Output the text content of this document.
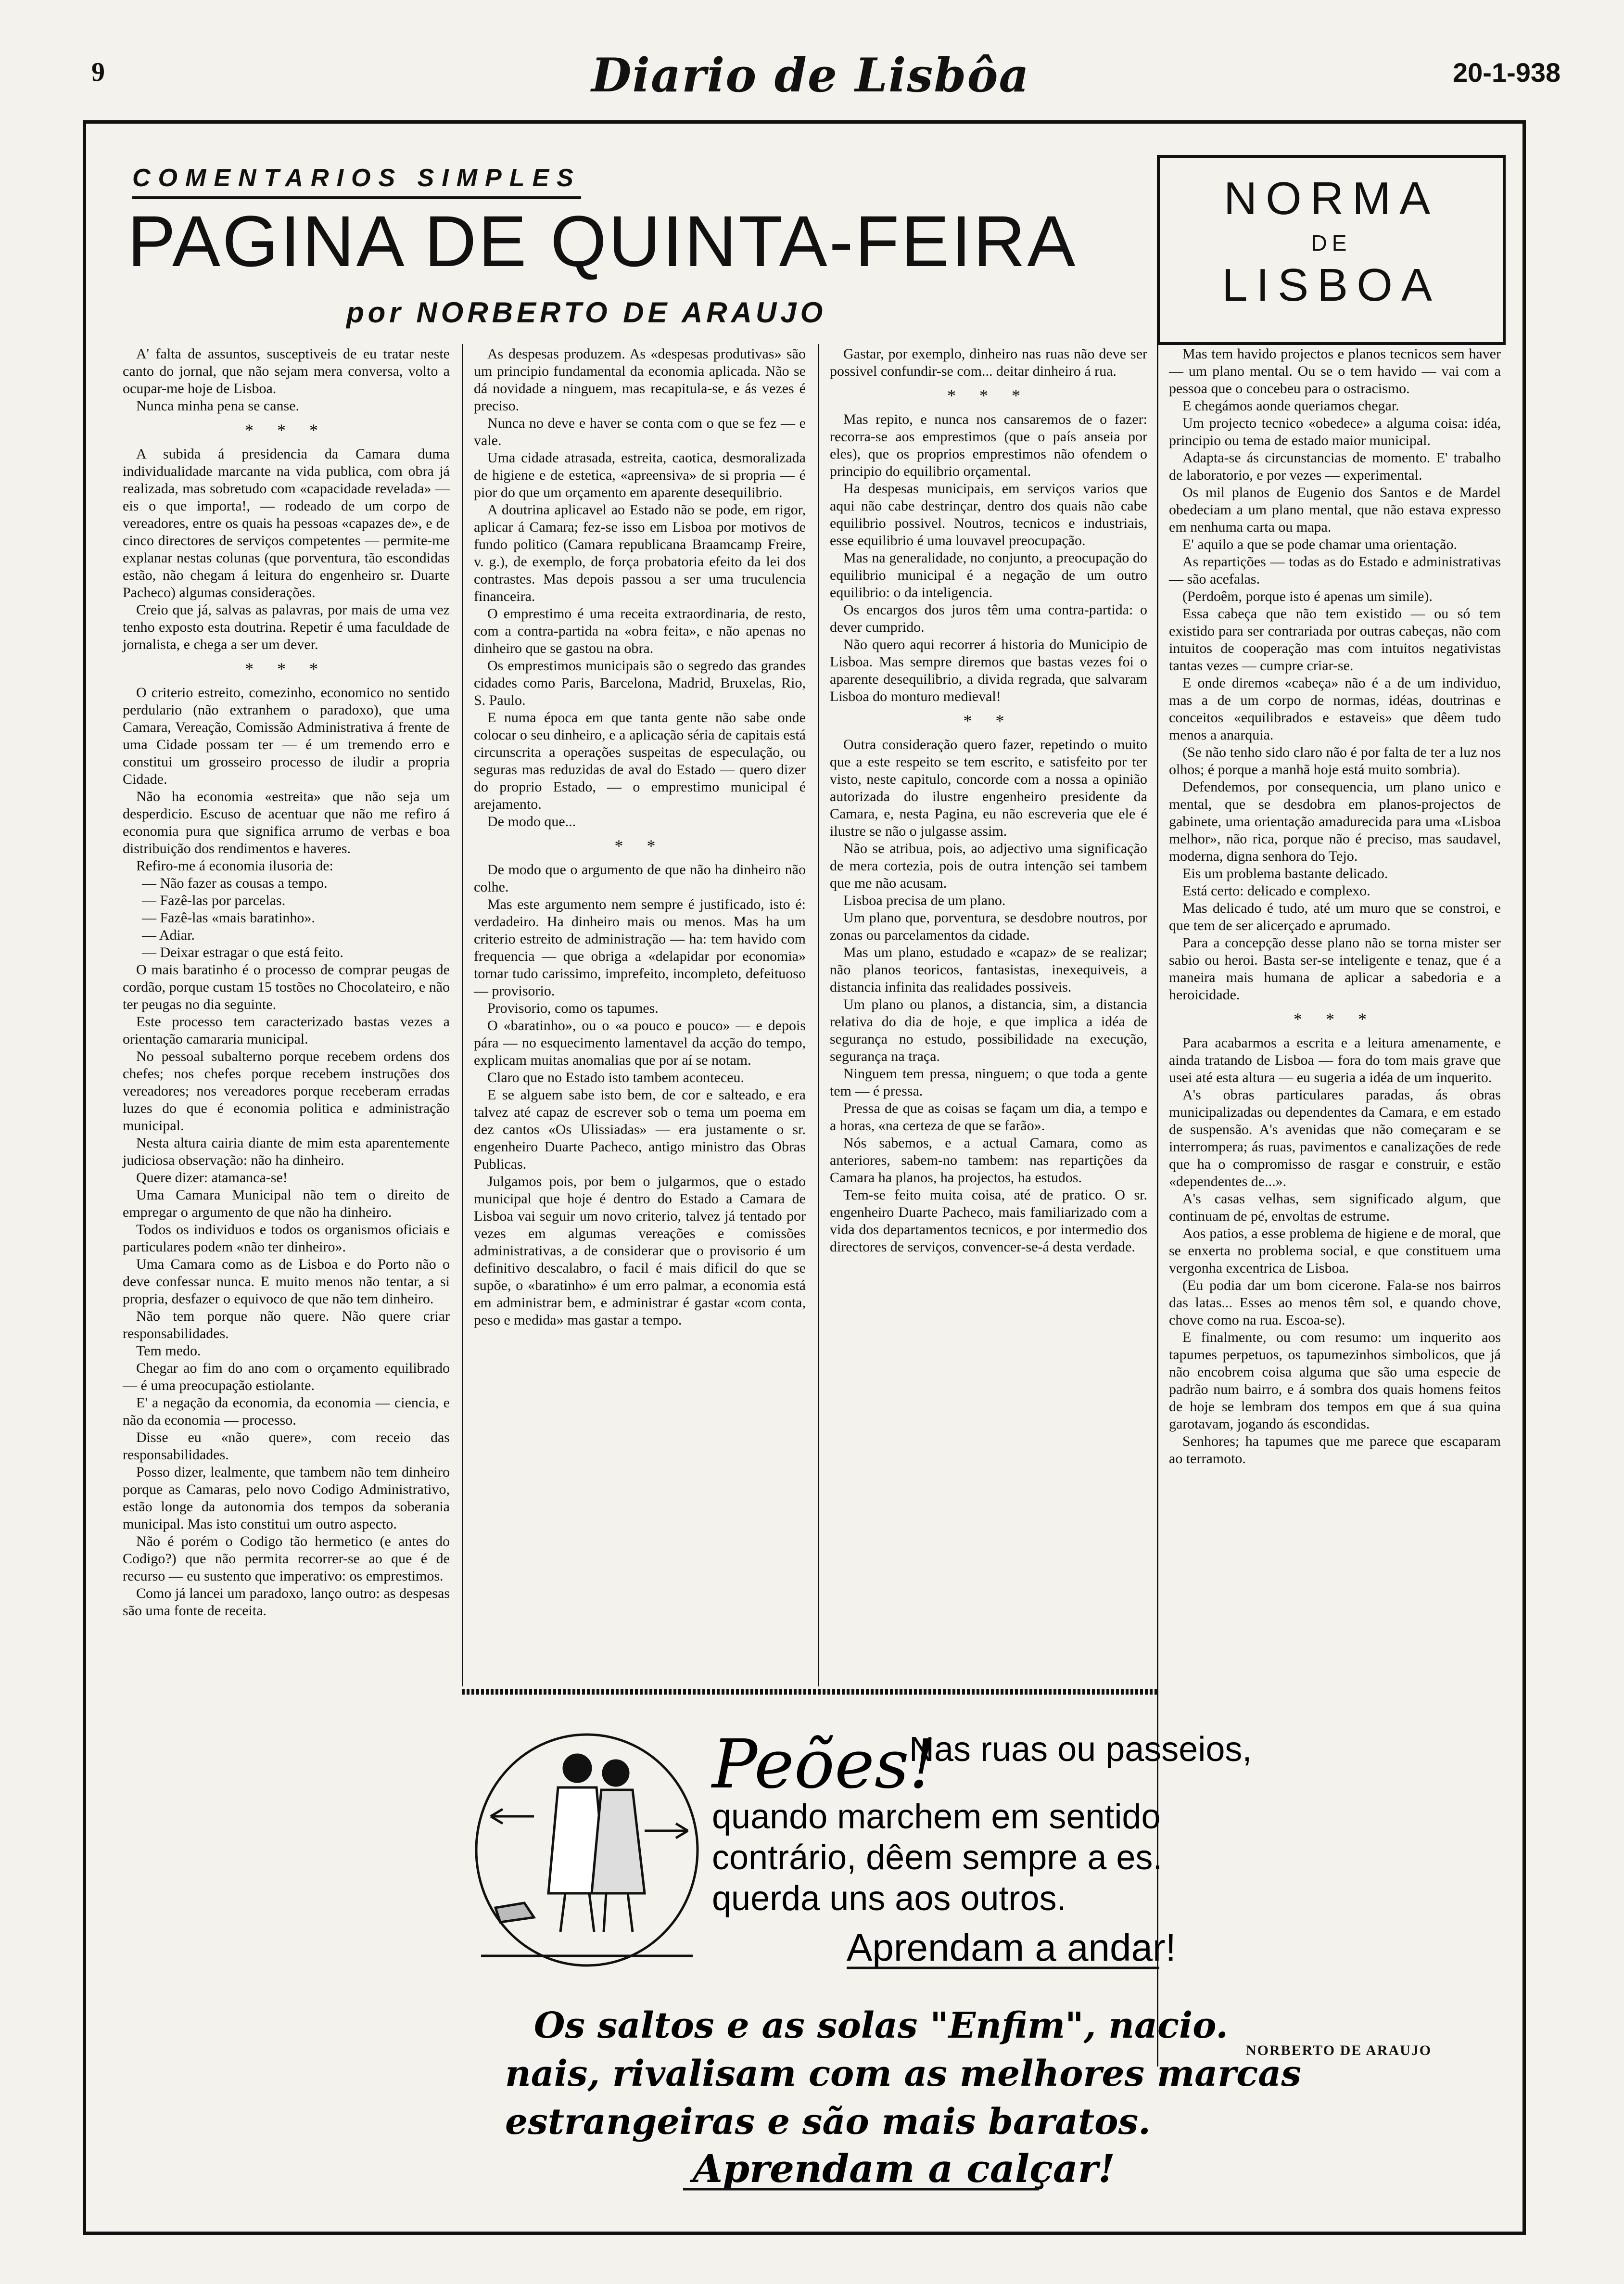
9	Diario de Lisbôa	20-1-938
COMENTARIOS SIMPLES
PAGINA DE QUINTA-FEIRA
por NORBERTO DE ARAUJO
NORMA
DE
LISBOA

A' falta de assuntos, susceptiveis de eu tratar neste canto do jornal, que não sejam mera conversa, volto a ocupar-me hoje de Lisboa.

Nunca minha pena se canse.

* * *

A subida á presidencia da Camara duma individualidade marcante na vida publica, com obra já realizada, mas sobretudo com «capacidade revelada» — eis o que importa!, — rodeado de um corpo de vereadores, entre os quais ha pessoas «capazes de», e de cinco directores de serviços competentes — permite-me explanar nestas colunas (que porventura, tão escondidas estão, não chegam á leitura do engenheiro sr. Duarte Pacheco) algumas considerações.

Creio que já, salvas as palavras, por mais de uma vez tenho exposto esta doutrina. Repetir é uma faculdade de jornalista, e chega a ser um dever.

* * *

O criterio estreito, comezinho, economico no sentido perdulario (não extranhem o paradoxo), que uma Camara, Vereação, Comissão Administrativa á frente de uma Cidade possam ter — é um tremendo erro e constitui um grosseiro processo de iludir a propria Cidade.

Não ha economia «estreita» que não seja um desperdicio. Escuso de acentuar que não me refiro á economia pura que significa arrumo de verbas e boa distribuição dos rendimentos e haveres.

Refiro-me á economia ilusoria de:

— Não fazer as cousas a tempo.

— Fazê-las por parcelas.

— Fazê-las «mais baratinho».

— Adiar.

— Deixar estragar o que está feito.

O mais baratinho é o processo de comprar peugas de cordão, porque custam 15 tostões no Chocolateiro, e não ter peugas no dia seguinte.

Este processo tem caracterizado bastas vezes a orientação camararia municipal.

No pessoal subalterno porque recebem ordens dos chefes; nos chefes porque recebem instruções dos vereadores; nos vereadores porque receberam erradas luzes do que é economia politica e administração municipal.

Nesta altura cairia diante de mim esta aparentemente judiciosa observação: não ha dinheiro.

Quere dizer: atamanca-se!

Uma Camara Municipal não tem o direito de empregar o argumento de que não ha dinheiro.

Todos os individuos e todos os organismos oficiais e particulares podem «não ter dinheiro».

Uma Camara como as de Lisboa e do Porto não o deve confessar nunca. E muito menos não tentar, a si propria, desfazer o equivoco de que não tem dinheiro.

Não tem porque não quere. Não quere criar responsabilidades.

Tem medo.

Chegar ao fim do ano com o orçamento equilibrado — é uma preocupação estiolante.

E' a negação da economia, da economia — ciencia, e não da economia — processo.

Disse eu «não quere», com receio das responsabilidades.

Posso dizer, lealmente, que tambem não tem dinheiro porque as Camaras, pelo novo Codigo Administrativo, estão longe da autonomia dos tempos da soberania municipal. Mas isto constitui um outro aspecto.

Não é porém o Codigo tão hermetico (e antes do Codigo?) que não permita recorrer-se ao que é de recurso — eu sustento que imperativo: os emprestimos.

Como já lancei um paradoxo, lanço outro: as despesas são uma fonte de receita.

As despesas produzem. As «despesas produtivas» são um principio fundamental da economia aplicada. Não se dá novidade a ninguem, mas recapitula-se, e ás vezes é preciso.

Nunca no deve e haver se conta com o que se fez — e vale.

Uma cidade atrasada, estreita, caotica, desmoralizada de higiene e de estetica, «apreensiva» de si propria — é pior do que um orçamento em aparente desequilibrio.

A doutrina aplicavel ao Estado não se pode, em rigor, aplicar á Camara; fez-se isso em Lisboa por motivos de fundo politico (Camara republicana Braamcamp Freire, v. g.), de exemplo, de força probatoria efeito da lei dos contrastes. Mas depois passou a ser uma truculencia financeira.

O emprestimo é uma receita extraordinaria, de resto, com a contra-partida na «obra feita», e não apenas no dinheiro que se gastou na obra.

Os emprestimos municipais são o segredo das grandes cidades como Paris, Barcelona, Madrid, Bruxelas, Rio, S. Paulo.

E numa época em que tanta gente não sabe onde colocar o seu dinheiro, e a aplicação séria de capitais está circunscrita a operações suspeitas de especulação, ou seguras mas reduzidas de aval do Estado — quero dizer do proprio Estado, — o emprestimo municipal é arejamento.

De modo que...

* *

De modo que o argumento de que não ha dinheiro não colhe.

Mas este argumento nem sempre é justificado, isto é: verdadeiro. Ha dinheiro mais ou menos. Mas ha um criterio estreito de administração — ha: tem havido com frequencia — que obriga a «delapidar por economia» tornar tudo carissimo, imprefeito, incompleto, defeituoso — provisorio.

Provisorio, como os tapumes.

O «baratinho», ou o «a pouco e pouco» — e depois pára — no esquecimento lamentavel da acção do tempo, explicam muitas anomalias que por aí se notam.

Claro que no Estado isto tambem aconteceu.

E se alguem sabe isto bem, de cor e salteado, e era talvez até capaz de escrever sob o tema um poema em dez cantos «Os Ulissiadas» — era justamente o sr. engenheiro Duarte Pacheco, antigo ministro das Obras Publicas.

Julgamos pois, por bem o julgarmos, que o estado municipal que hoje é dentro do Estado a Camara de Lisboa vai seguir um novo criterio, talvez já tentado por vezes em algumas vereações e comissões administrativas, a de considerar que o provisorio é um definitivo descalabro, o facil é mais dificil do que se supõe, o «baratinho» é um erro palmar, a economia está em administrar bem, e administrar é gastar «com conta, peso e medida» mas gastar a tempo.

Gastar, por exemplo, dinheiro nas ruas não deve ser possivel confundir-se com... deitar dinheiro á rua.

* * *

Mas repito, e nunca nos cansaremos de o fazer: recorra-se aos emprestimos (que o país anseia por eles), que os proprios emprestimos não ofendem o principio do equilibrio orçamental.

Ha despesas municipais, em serviços varios que aqui não cabe destrinçar, dentro dos quais não cabe equilibrio possivel. Noutros, tecnicos e industriais, esse equilibrio é uma louvavel preocupação.

Mas na generalidade, no conjunto, a preocupação do equilibrio municipal é a negação de um outro equilibrio: o da inteligencia.

Os encargos dos juros têm uma contra-partida: o dever cumprido.

Não quero aqui recorrer á historia do Municipio de Lisboa. Mas sempre diremos que bastas vezes foi o aparente desequilibrio, a divida regrada, que salvaram Lisboa do monturo medieval!

* *

Outra consideração quero fazer, repetindo o muito que a este respeito se tem escrito, e satisfeito por ter visto, neste capitulo, concorde com a nossa a opinião autorizada do ilustre engenheiro presidente da Camara, e, nesta Pagina, eu não escreveria que ele é ilustre se não o julgasse assim.

Não se atribua, pois, ao adjectivo uma significação de mera cortezia, pois de outra intenção sei tambem que me não acusam.

Lisboa precisa de um plano.

Um plano que, porventura, se desdobre noutros, por zonas ou parcelamentos da cidade.

Mas um plano, estudado e «capaz» de se realizar; não planos teoricos, fantasistas, inexequiveis, a distancia infinita das realidades possiveis.

Um plano ou planos, a distancia, sim, a distancia relativa do dia de hoje, e que implica a idéa de segurança no estudo, possibilidade na execução, segurança na traça.

Ninguem tem pressa, ninguem; o que toda a gente tem — é pressa.

Pressa de que as coisas se façam um dia, a tempo e a horas, «na certeza de que se farão».

Nós sabemos, e a actual Camara, como as anteriores, sabem-no tambem: nas repartições da Camara ha planos, ha projectos, ha estudos.

Tem-se feito muita coisa, até de pratico. O sr. engenheiro Duarte Pacheco, mais familiarizado com a vida dos departamentos tecnicos, e por intermedio dos directores de serviços, convencer-se-á desta verdade.

Mas tem havido projectos e planos tecnicos sem haver — um plano mental. Ou se o tem havido — vai com a pessoa que o concebeu para o ostracismo.

E chegámos aonde queriamos chegar.

Um projecto tecnico «obedece» a alguma coisa: idéa, principio ou tema de estado maior municipal.

Adapta-se ás circunstancias de momento. E' trabalho de laboratorio, e por vezes — experimental.

Os mil planos de Eugenio dos Santos e de Mardel obedeciam a um plano mental, que não estava expresso em nenhuma carta ou mapa.

E' aquilo a que se pode chamar uma orientação.

As repartições — todas as do Estado e administrativas — são acefalas.

(Perdoêm, porque isto é apenas um simile).

Essa cabeça que não tem existido — ou só tem existido para ser contrariada por outras cabeças, não com intuitos de cooperação mas com intuitos negativistas tantas vezes — cumpre criar-se.

E onde diremos «cabeça» não é a de um individuo, mas a de um corpo de normas, idéas, doutrinas e conceitos «equilibrados e estaveis» que dêem tudo menos a anarquia.

(Se não tenho sido claro não é por falta de ter a luz nos olhos; é porque a manhã hoje está muito sombria).

Defendemos, por consequencia, um plano unico e mental, que se desdobra em planos-projectos de gabinete, uma orientação amadurecida para uma «Lisboa melhor», não rica, porque não é preciso, mas saudavel, moderna, digna senhora do Tejo.

Eis um problema bastante delicado.

Está certo: delicado e complexo.

Mas delicado é tudo, até um muro que se constroi, e que tem de ser alicerçado e aprumado.

Para a concepção desse plano não se torna mister ser sabio ou heroi. Basta ser-se inteligente e tenaz, que é a maneira mais humana de aplicar a sabedoria e a heroicidade.

* * *

Para acabarmos a escrita e a leitura amenamente, e ainda tratando de Lisboa — fora do tom mais grave que usei até esta altura — eu sugeria a idéa de um inquerito.

A's obras particulares paradas, ás obras municipalizadas ou dependentes da Camara, e em estado de suspensão. A's avenidas que não começaram e se interrompera; ás ruas, pavimentos e canalizações de rede que ha o compromisso de rasgar e construir, e estão «dependentes de...».

A's casas velhas, sem significado algum, que continuam de pé, envoltas de estrume.

Aos patios, a esse problema de higiene e de moral, que se enxerta no problema social, e que constituem uma vergonha excentrica de Lisboa.

(Eu podia dar um bom cicerone. Fala-se nos bairros das latas... Esses ao menos têm sol, e quando chove, chove como na rua. Escoa-se).

E finalmente, ou com resumo: um inquerito aos tapumes perpetuos, os tapumezinhos simbolicos, que já não encobrem coisa alguma que são uma especie de padrão num bairro, e á sombra dos quais homens feitos de hoje se lembram dos tempos em que á sua quina garotavam, jogando ás escondidas.

Senhores; ha tapumes que me parece que escaparam ao terramoto.

NORBERTO DE ARAUJO
Peões!
Nas ruas ou passeios,
quando marchem em sentido
contrário, dêem sempre a es.
querda uns aos outros.
Aprendam a andar!
Os saltos e as solas "Enfim", nacio.
nais, rivalisam com as melhores marcas
estrangeiras e são mais baratos.
Aprendam a calçar!
